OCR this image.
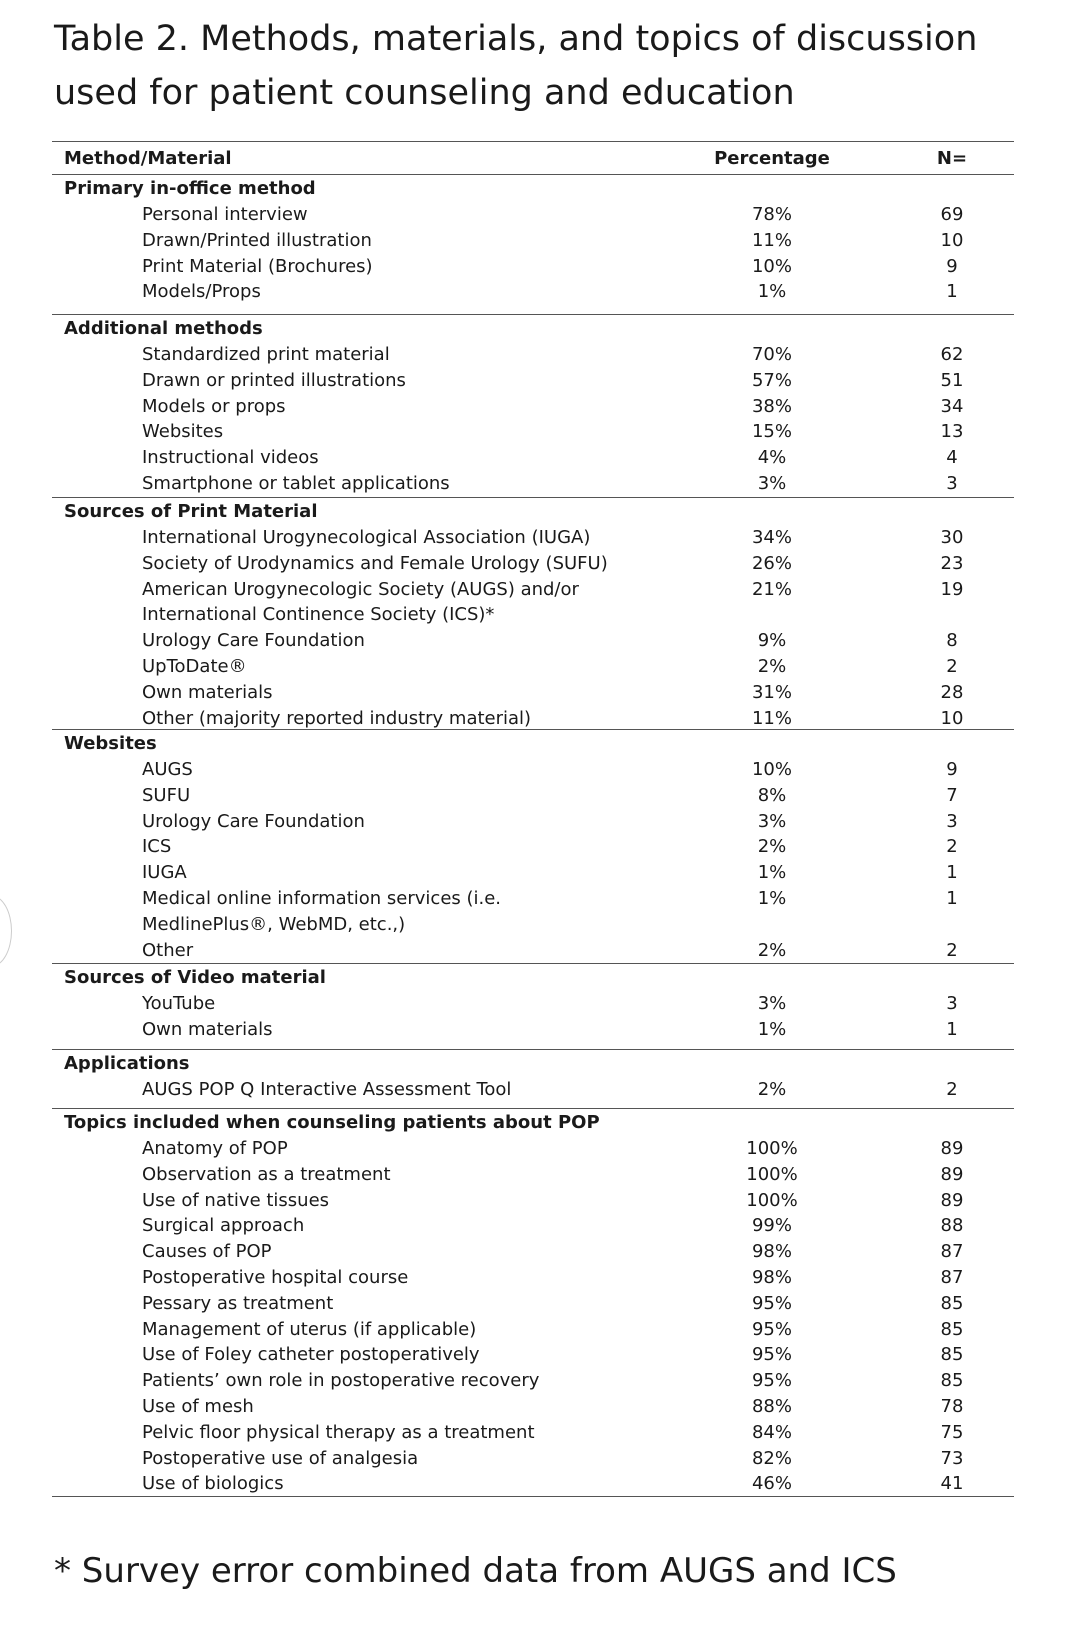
Table 2. Methods, materials, and topics of discussion
used for patient counseling and education
Method/Material	Percentage	N=
Primary in-office method
Personal interview	78%	69
Drawn/Printed illustration	11%	10
Print Material (Brochures)	10%	9
Models/Props	1%	1
Additional methods
Standardized print material	70%	62
Drawn or printed illustrations	57%	51
Models or props	38%	34
Websites	15%	13
Instructional videos	4%	4
Smartphone or tablet applications	3%	3
Sources of Print Material
International Urogynecological Association (IUGA)	34%	30
Society of Urodynamics and Female Urology (SUFU)	26%	23
American Urogynecologic Society (AUGS) and/or	21%	19
International Continence Society (ICS)*
Urology Care Foundation	9%	8
UpToDate®	2%	2
Own materials	31%	28
Other (majority reported industry material)	11%	10
Websites
AUGS	10%	9
SUFU	8%	7
Urology Care Foundation	3%	3
ICS	2%	2
IUGA	1%	1
Medical online information services (i.e.	1%	1
MedlinePlus®, WebMD, etc.,)
Other	2%	2
Sources of Video material
YouTube	3%	3
Own materials	1%	1
Applications
AUGS POP Q Interactive Assessment Tool	2%	2
Topics included when counseling patients about POP
Anatomy of POP	100%	89
Observation as a treatment	100%	89
Use of native tissues	100%	89
Surgical approach	99%	88
Causes of POP	98%	87
Postoperative hospital course	98%	87
Pessary as treatment	95%	85
Management of uterus (if applicable)	95%	85
Use of Foley catheter postoperatively	95%	85
Patients’ own role in postoperative recovery	95%	85
Use of mesh	88%	78
Pelvic floor physical therapy as a treatment	84%	75
Postoperative use of analgesia	82%	73
Use of biologics	46%	41

* Survey error combined data from AUGS and ICS
